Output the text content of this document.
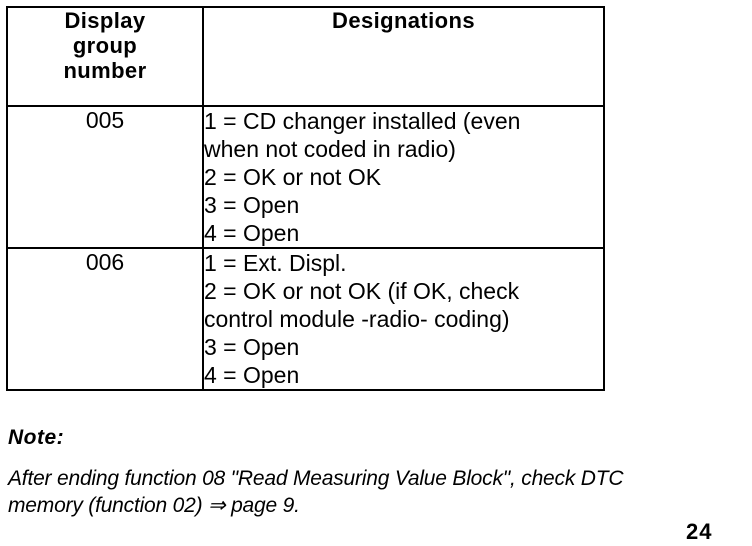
Display
group
number	Designations
005	1 = CD changer installed (even
when not coded in radio)
2 = OK or not OK
3 = Open
4 = Open

006	1 = Ext. Displ.
2 = OK or not OK (if OK, check
control module -radio- coding)
3 = Open
4 = Open
Note:
After ending function 08 "Read Measuring Value Block", check DTC
memory (function 02) ⇒ page 9.
24
